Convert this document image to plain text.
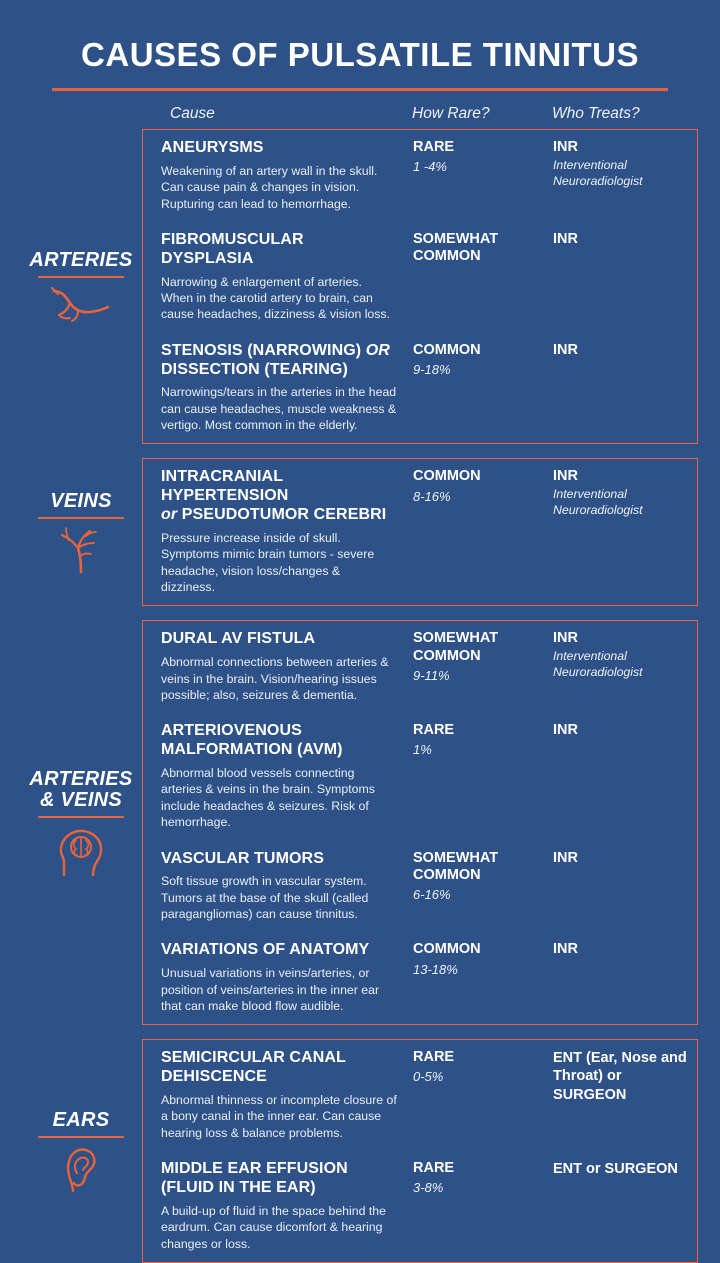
CAUSES OF PULSATILE TINNITUS
Cause	How Rare?	Who Treats?
ARTERIES
ANEURYSMS
Weakening of an artery wall in the skull. Can cause pain & changes in vision. Rupturing can lead to hemorrhage.
RARE
1 -4%
INR
Interventional Neuroradiologist
FIBROMUSCULAR DYSPLASIA
Narrowing & enlargement of arteries. When in the carotid artery to brain, can cause headaches, dizziness & vision loss.
SOMEWHAT COMMON
INR
STENOSIS (NARROWING) OR
DISSECTION (TEARING)
Narrowings/tears in the arteries in the head can cause headaches, muscle weakness & vertigo. Most common in the elderly.
COMMON
9-18%
INR
VEINS
INTRACRANIAL HYPERTENSION
or PSEUDOTUMOR CEREBRI
Pressure increase inside of skull. Symptoms mimic brain tumors - severe headache, vision loss/changes & dizziness.
COMMON
8-16%
INR
Interventional Neuroradiologist
ARTERIES & VEINS
DURAL AV FISTULA
Abnormal connections between arteries & veins in the brain. Vision/hearing issues possible; also, seizures & dementia.
SOMEWHAT COMMON
9-11%
INR
Interventional Neuroradiologist
ARTERIOVENOUS
MALFORMATION (AVM)
Abnormal blood vessels connecting arteries & veins in the brain. Symptoms include headaches & seizures. Risk of hemorrhage.
RARE
1%
INR
VASCULAR TUMORS
Soft tissue growth in vascular system. Tumors at the base of the skull (called paragangliomas) can cause tinnitus.
SOMEWHAT COMMON
6-16%
INR
VARIATIONS OF ANATOMY
Unusual variations in veins/arteries, or position of veins/arteries in the inner ear that can make blood flow audible.
COMMON
13-18%
INR
EARS
SEMICIRCULAR CANAL
DEHISCENCE
Abnormal thinness or incomplete closure of a bony canal in the inner ear. Can cause hearing loss & balance problems.
RARE
0-5%
ENT (Ear, Nose and Throat) or SURGEON
MIDDLE EAR EFFUSION
(FLUID IN THE EAR)
A build-up of fluid in the space behind the eardrum. Can cause dicomfort & hearing changes or loss.
RARE
3-8%
ENT or SURGEON
